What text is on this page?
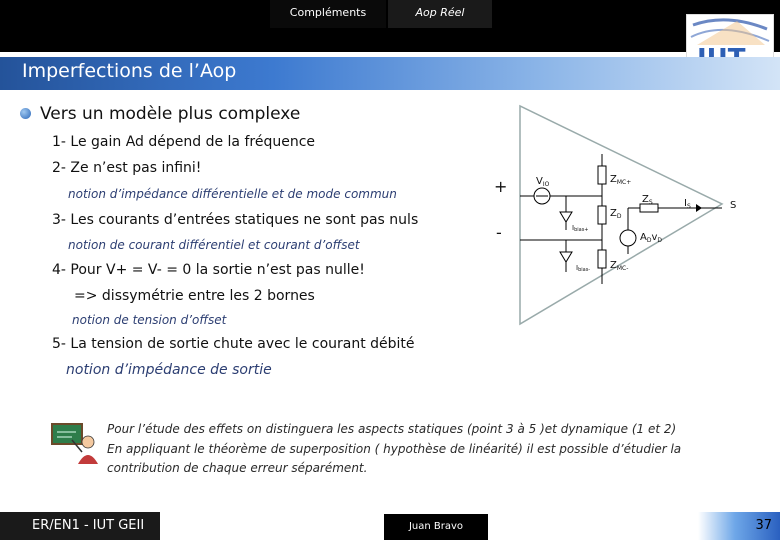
Compléments	Aop Réel
Imperfections de l’Aop
Vers un modèle plus complexe
1- Le gain Ad dépend de la fréquence
2- Ze n’est pas infini!
notion d’impédance différentielle et de mode commun
3- Les courants d’entrées statiques ne sont pas nuls
notion de courant différentiel et courant d’offset
4- Pour V+ = V- = 0 la sortie n’est pas nulle!
=> dissymétrie entre les 2 bornes
notion de tension d’offset
5- La tension de sortie chute avec le courant débité
notion d’impédance de sortie
+
-
$V_{IO}$	$Z_{MC+}$
$Z_D$
Ibias+
Ibias- $Z_{MC-}$
$A_Dv_D$
$Z_S$	$I_S$	S
Pour l’étude des effets on distinguera les aspects statiques (point 3 à 5 )et dynamique (1 et 2)
En appliquant le théorème de superposition ( hypothèse de linéarité) il est possible d’étudier la
contribution de chaque erreur séparément.
ER/EN1 - IUT GEII	Juan Bravo	37
